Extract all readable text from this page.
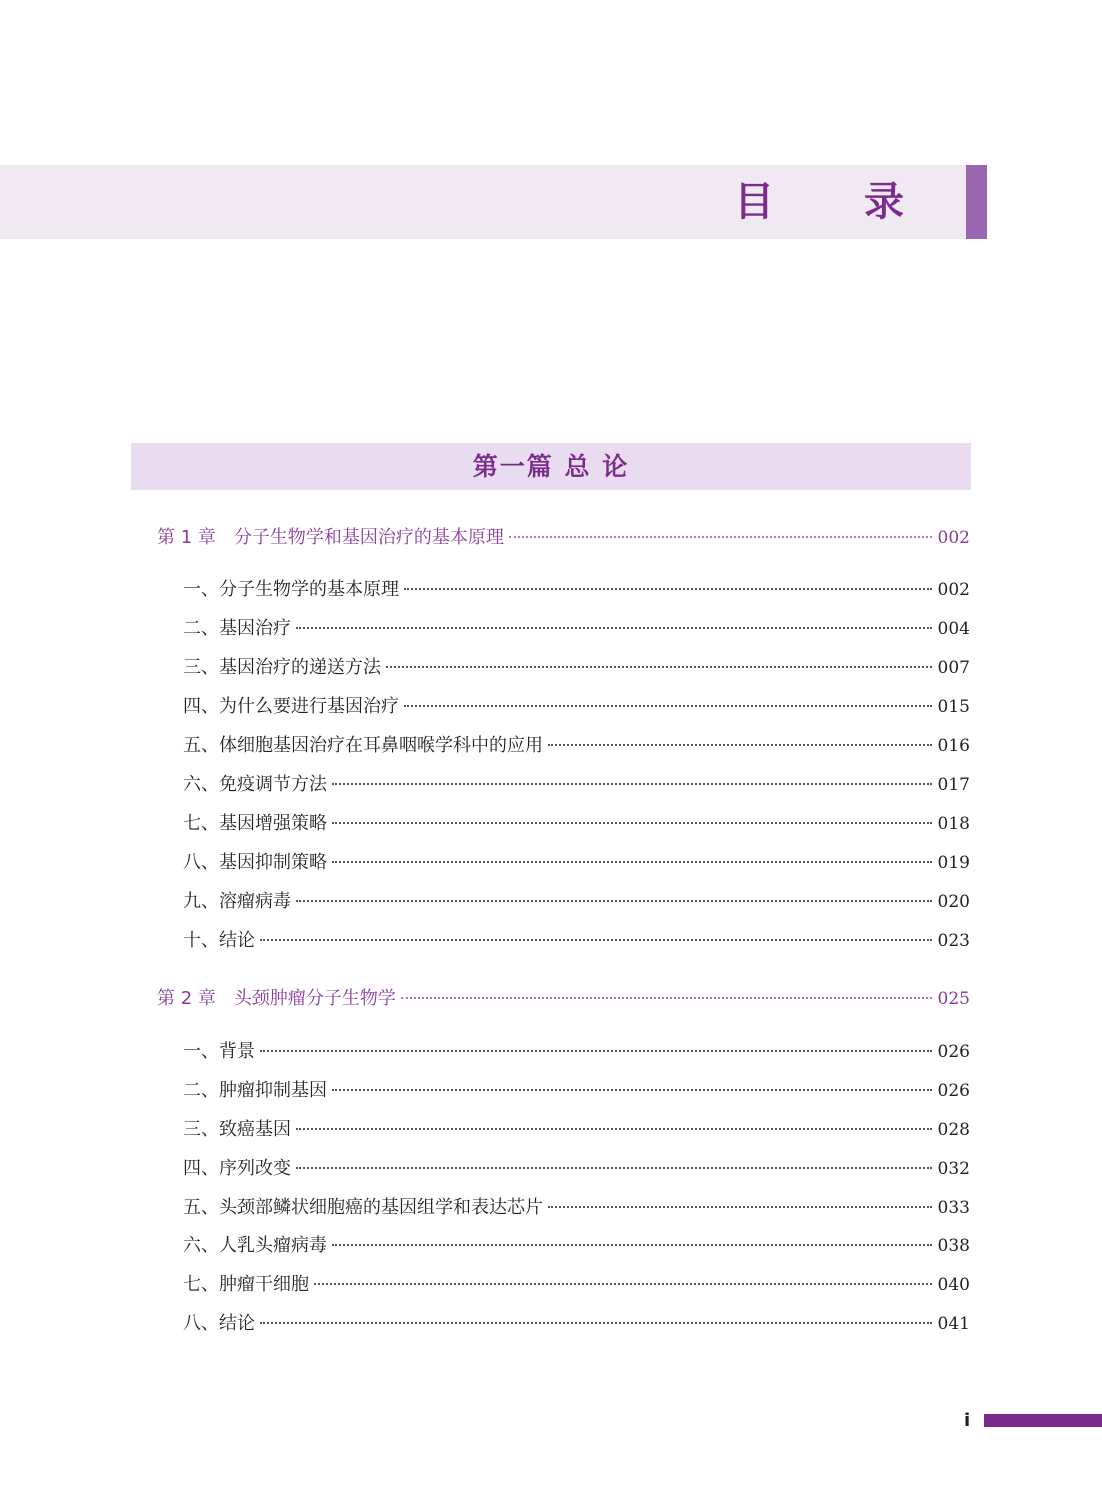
目 录
第一篇 总 论
第 1 章 分子生物学和基因治疗的基本原理	002
一、分子生物学的基本原理	002
二、基因治疗	004
三、基因治疗的递送方法	007
四、为什么要进行基因治疗	015
五、体细胞基因治疗在耳鼻咽喉学科中的应用	016
六、免疫调节方法	017
七、基因增强策略	018
八、基因抑制策略	019
九、溶瘤病毒	020
十、结论	023
第 2 章 头颈肿瘤分子生物学	025
一、背景	026
二、肿瘤抑制基因	026
三、致癌基因	028
四、序列改变	032
五、头颈部鳞状细胞癌的基因组学和表达芯片	033
六、人乳头瘤病毒	038
七、肿瘤干细胞	040
八、结论	041
i
